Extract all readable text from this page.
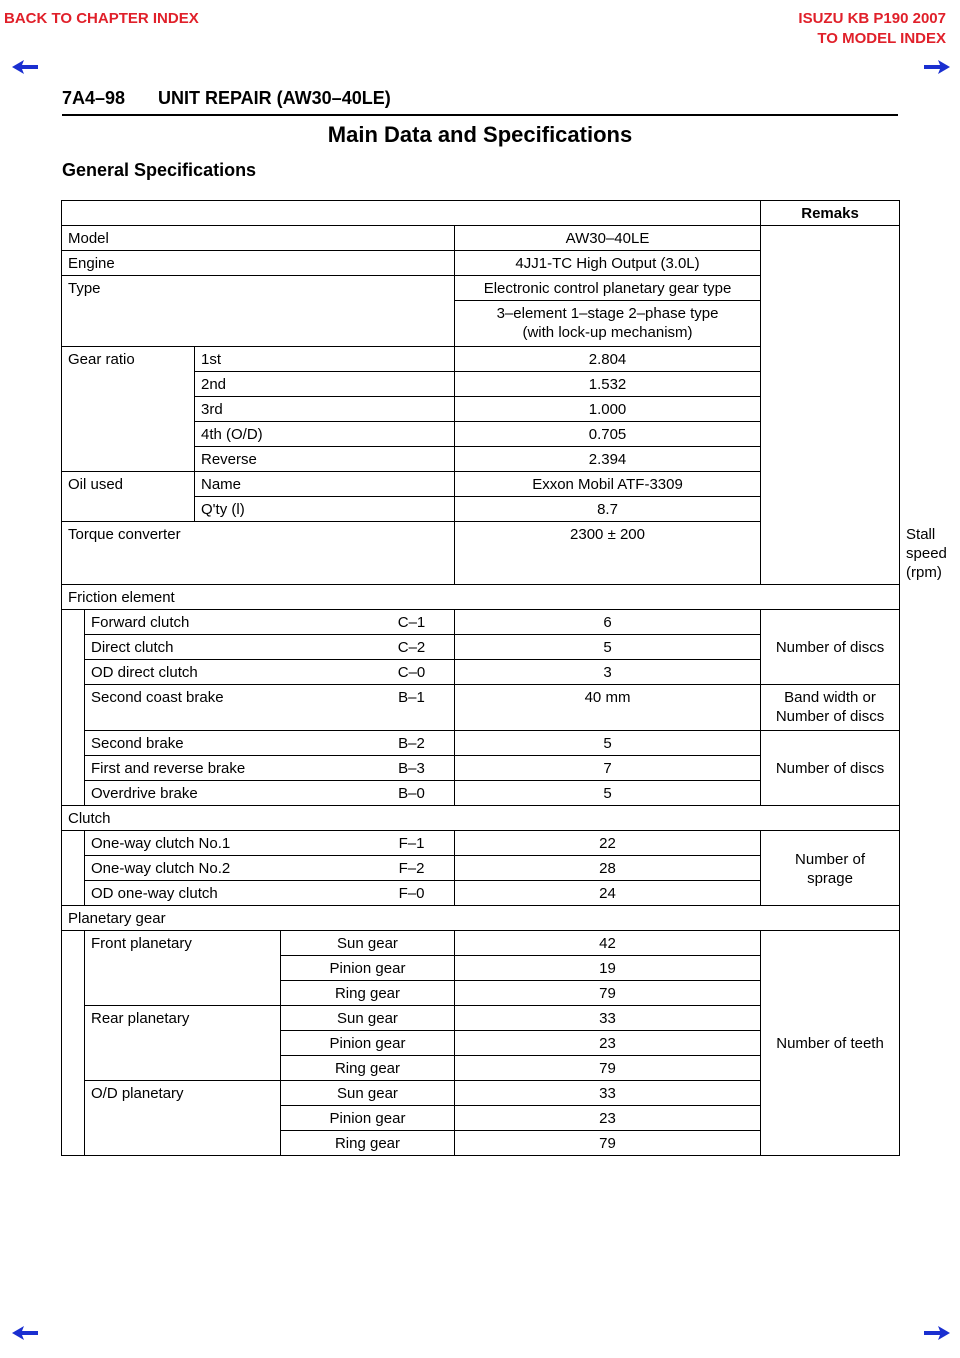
BACK TO CHAPTER INDEX	ISUZU KB P190 2007
TO MODEL INDEX
7A4–98 UNIT REPAIR (AW30–40LE)
Main Data and Specifications
General Specifications
					Remaks	
Model				AW30–40LE		
Engine				4JJ1-TC High Output (3.0L)		
Type				Electronic control planetary gear type		
				3–element 1–stage 2–phase type
(with lock-up mechanism)		
Gear ratio		1st		2.804		
		2nd		1.532		
		3rd		1.000		
		4th (O/D)		0.705		
		Reverse		2.394		
Oil used		Name		Exxon Mobil ATF-3309		
		Q'ty (l)		8.7		
Torque converter				2300 ± 200		Stall speed (rpm)
Friction element						
	Forward clutch			C–1 6	Number of discs	
	Direct clutch			C–2 5		
	OD direct clutch			C–0 3		
	Second coast brake			B–1 40 mm	Band width or
Number of discs	
	Second brake			B–2 5	Number of discs	
	First and reverse brake			B–3 7		
	Overdrive brake			B–0 5		
Clutch						
	One-way clutch No.1			F–1 22	Number of
sprage	
	One-way clutch No.2			F–2 28		
	OD one-way clutch			F–0 24		
Planetary gear						
	Front planetary		Sun gear	42	Number of teeth	
			Pinion gear	19		
			Ring gear	79		
	Rear planetary		Sun gear	33		
			Pinion gear	23		
			Ring gear	79		
	O/D planetary		Sun gear	33		
			Pinion gear	23		
			Ring gear	79		
